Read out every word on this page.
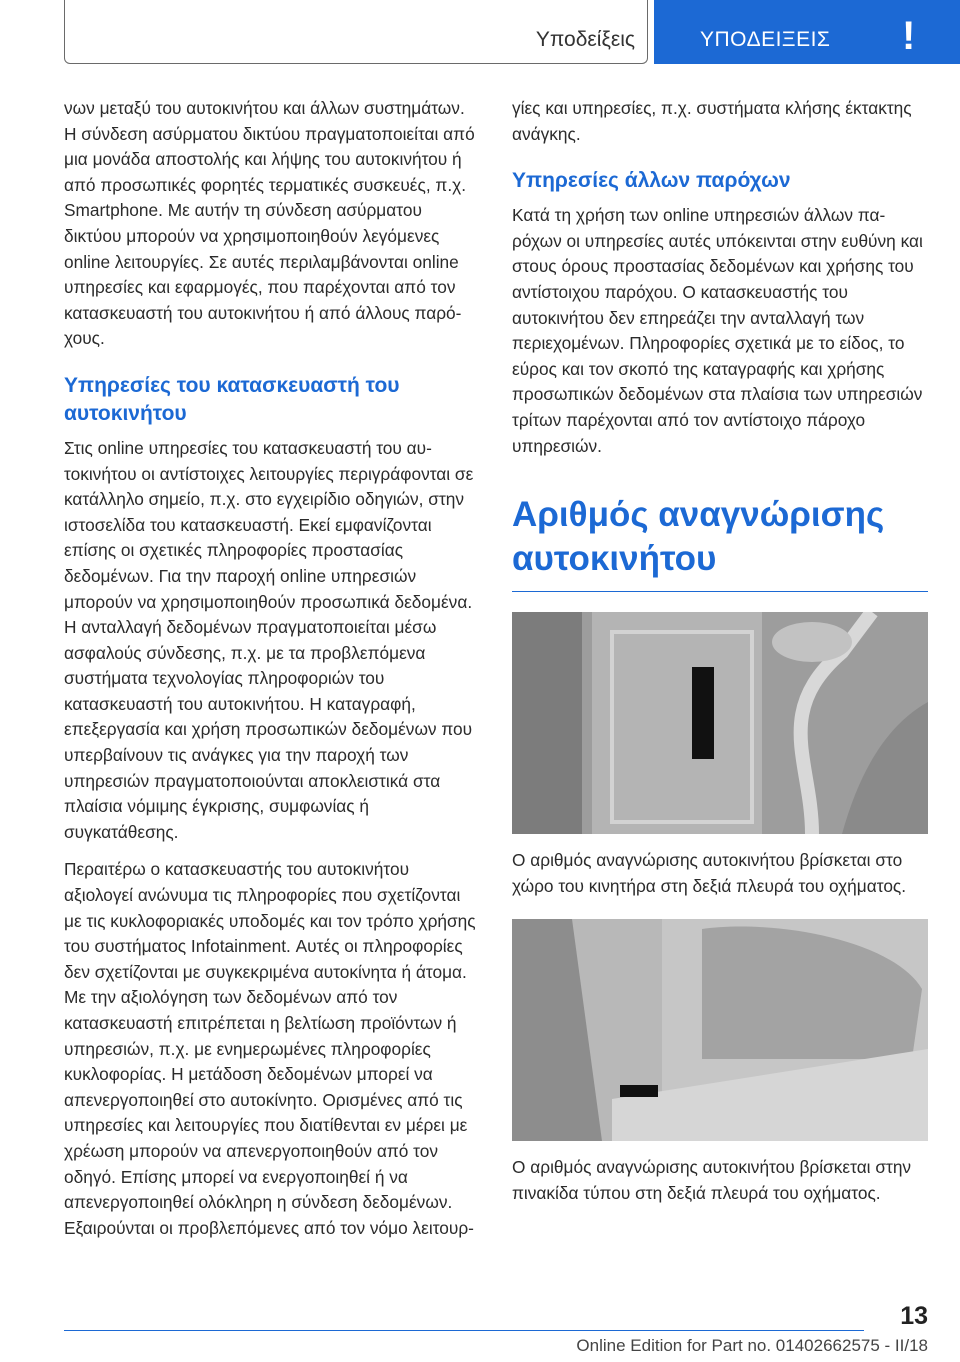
Υποδείξεις	ΥΠΟΔΕΙΞΕΙΣ !

νων μεταξύ του αυτοκινήτου και άλλων συστημάτων. Η σύνδεση ασύρματου δικτύου πραγματοποιείται από μια μονάδα αποστολής και λήψης του αυτοκινήτου ή από προσωπικές φορητές τερματικές συσκευές, π.χ. Smartphone. Με αυτήν τη σύνδεση ασύρματου δικτύου μπορούν να χρησιμοποιηθούν λεγόμενες online λειτουργίες. Σε αυτές περιλαμβάνονται online υπηρεσίες και εφαρμογές, που παρέχονται από τον κατασκευαστή του αυτοκινήτου ή από άλλους παρόχους.

Υπηρεσίες του κατασκευαστή του αυτοκινήτου

Στις online υπηρεσίες του κατασκευαστή του αυτοκινήτου οι αντίστοιχες λειτουργίες περιγράφονται σε κατάλληλο σημείο, π.χ. στο εγχειρίδιο οδηγιών, στην ιστοσελίδα του κατασκευαστή. Εκεί εμφανίζονται επίσης οι σχετικές πληροφορίες προστασίας δεδομένων. Για την παροχή online υπηρεσιών μπορούν να χρησιμοποιηθούν προσωπικά δεδομένα. Η ανταλλαγή δεδομένων πραγματοποιείται μέσω ασφαλούς σύνδεσης, π.χ. με τα προβλεπόμενα συστήματα τεχνολογίας πληροφοριών του κατασκευαστή του αυτοκινήτου. Η καταγραφή, επεξεργασία και χρήση προσωπικών δεδομένων που υπερβαίνουν τις ανάγκες για την παροχή των υπηρεσιών πραγματοποιούνται αποκλειστικά στα πλαίσια νόμιμης έγκρισης, συμφωνίας ή συγκατάθεσης.

Περαιτέρω ο κατασκευαστής του αυτοκινήτου αξιολογεί ανώνυμα τις πληροφορίες που σχετίζονται με τις κυκλοφοριακές υποδομές και τον τρόπο χρήσης του συστήματος Infotainment. Αυτές οι πληροφορίες δεν σχετίζονται με συγκεκριμένα αυτοκίνητα ή άτομα. Με την αξιολόγηση των δεδομένων από τον κατασκευαστή επιτρέπεται η βελτίωση προϊόντων ή υπηρεσιών, π.χ. με ενημερωμένες πληροφορίες κυκλοφορίας. Η μετάδοση δεδομένων μπορεί να απενεργοποιηθεί στο αυτοκίνητο. Ορισμένες από τις υπηρεσίες και λειτουργίες που διατίθενται εν μέρει με χρέωση μπορούν να απενεργοποιηθούν από τον οδηγό. Επίσης μπορεί να ενεργοποιηθεί ή να απενεργοποιηθεί ολόκληρη η σύνδεση δεδομένων. Εξαιρούνται οι προβλεπόμενες από τον νόμο λειτουρ-

γίες και υπηρεσίες, π.χ. συστήματα κλήσης έκτακτης ανάγκης.

Υπηρεσίες άλλων παρόχων

Κατά τη χρήση των online υπηρεσιών άλλων παρόχων οι υπηρεσίες αυτές υπόκεινται στην ευθύνη και στους όρους προστασίας δεδομένων και χρήσης του αντίστοιχου παρόχου. Ο κατασκευαστής του αυτοκινήτου δεν επηρεάζει την ανταλλαγή των περιεχομένων. Πληροφορίες σχετικά με το είδος, το εύρος και τον σκοπό της καταγραφής και χρήσης προσωπικών δεδομένων στα πλαίσια των υπηρεσιών τρίτων παρέχονται από τον αντίστοιχο πάροχο υπηρεσιών.

Αριθμός αναγνώρισης αυτοκινήτου

Ο αριθμός αναγνώρισης αυτοκινήτου βρίσκεται στο χώρο του κινητήρα στη δεξιά πλευρά του οχήματος.

Ο αριθμός αναγνώρισης αυτοκινήτου βρίσκεται στην πινακίδα τύπου στη δεξιά πλευρά του οχήματος.

13
Online Edition for Part no. 01402662575 - II/18
